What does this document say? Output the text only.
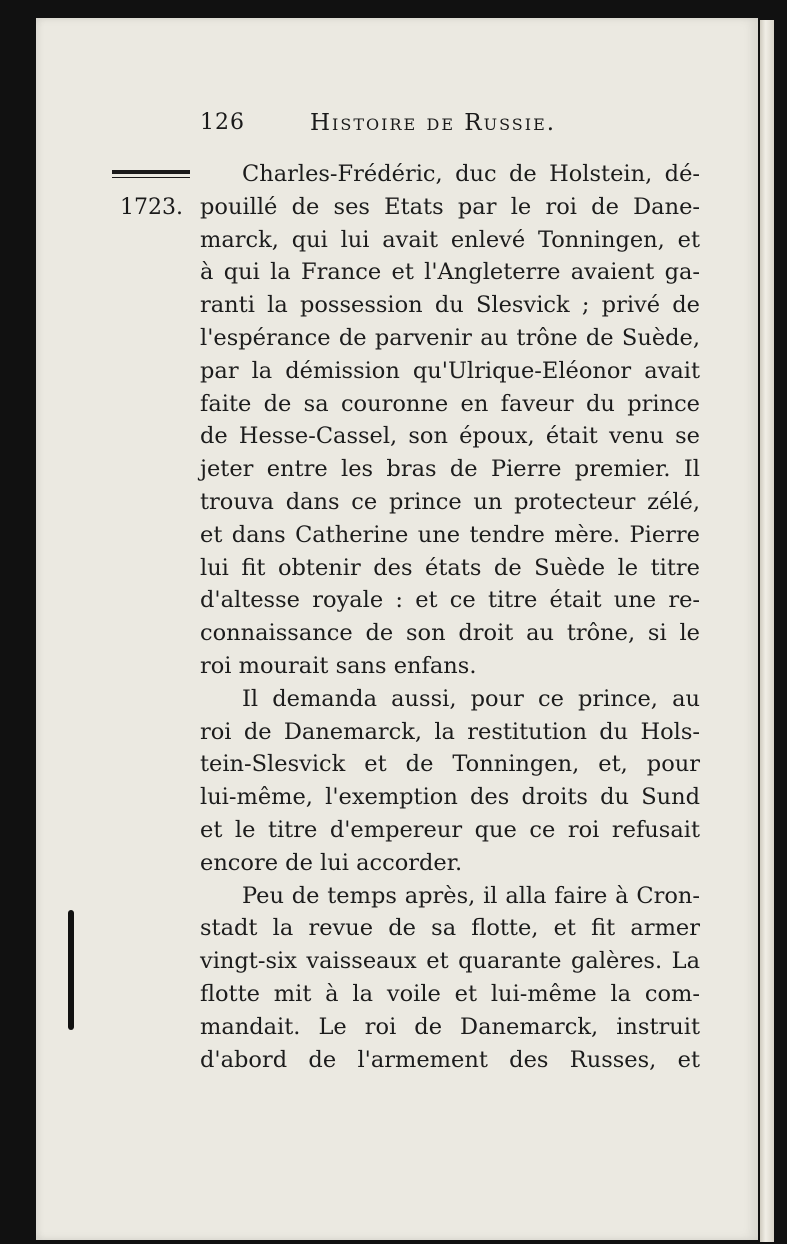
126	Histoire de Russie.
1723.
Charles-Frédéric, duc de Holstein, dé-
pouillé de ses Etats par le roi de Dane-
marck, qui lui avait enlevé Tonningen, et
à qui la France et l'Angleterre avaient ga-
ranti la possession du Slesvick ; privé de
l'espérance de parvenir au trône de Suède,
par la démission qu'Ulrique-Eléonor avait
faite de sa couronne en faveur du prince
de Hesse-Cassel, son époux, était venu se
jeter entre les bras de Pierre premier. Il
trouva dans ce prince un protecteur zélé,
et dans Catherine une tendre mère. Pierre
lui fit obtenir des états de Suède le titre
d'altesse royale : et ce titre était une re-
connaissance de son droit au trône, si le
roi mourait sans enfans.
Il demanda aussi, pour ce prince, au
roi de Danemarck, la restitution du Hols-
tein-Slesvick et de Tonningen, et, pour
lui-même, l'exemption des droits du Sund
et le titre d'empereur que ce roi refusait
encore de lui accorder.
Peu de temps après, il alla faire à Cron-
stadt la revue de sa flotte, et fit armer
vingt-six vaisseaux et quarante galères. La
flotte mit à la voile et lui-même la com-
mandait. Le roi de Danemarck, instruit
d'abord de l'armement des Russes, et
